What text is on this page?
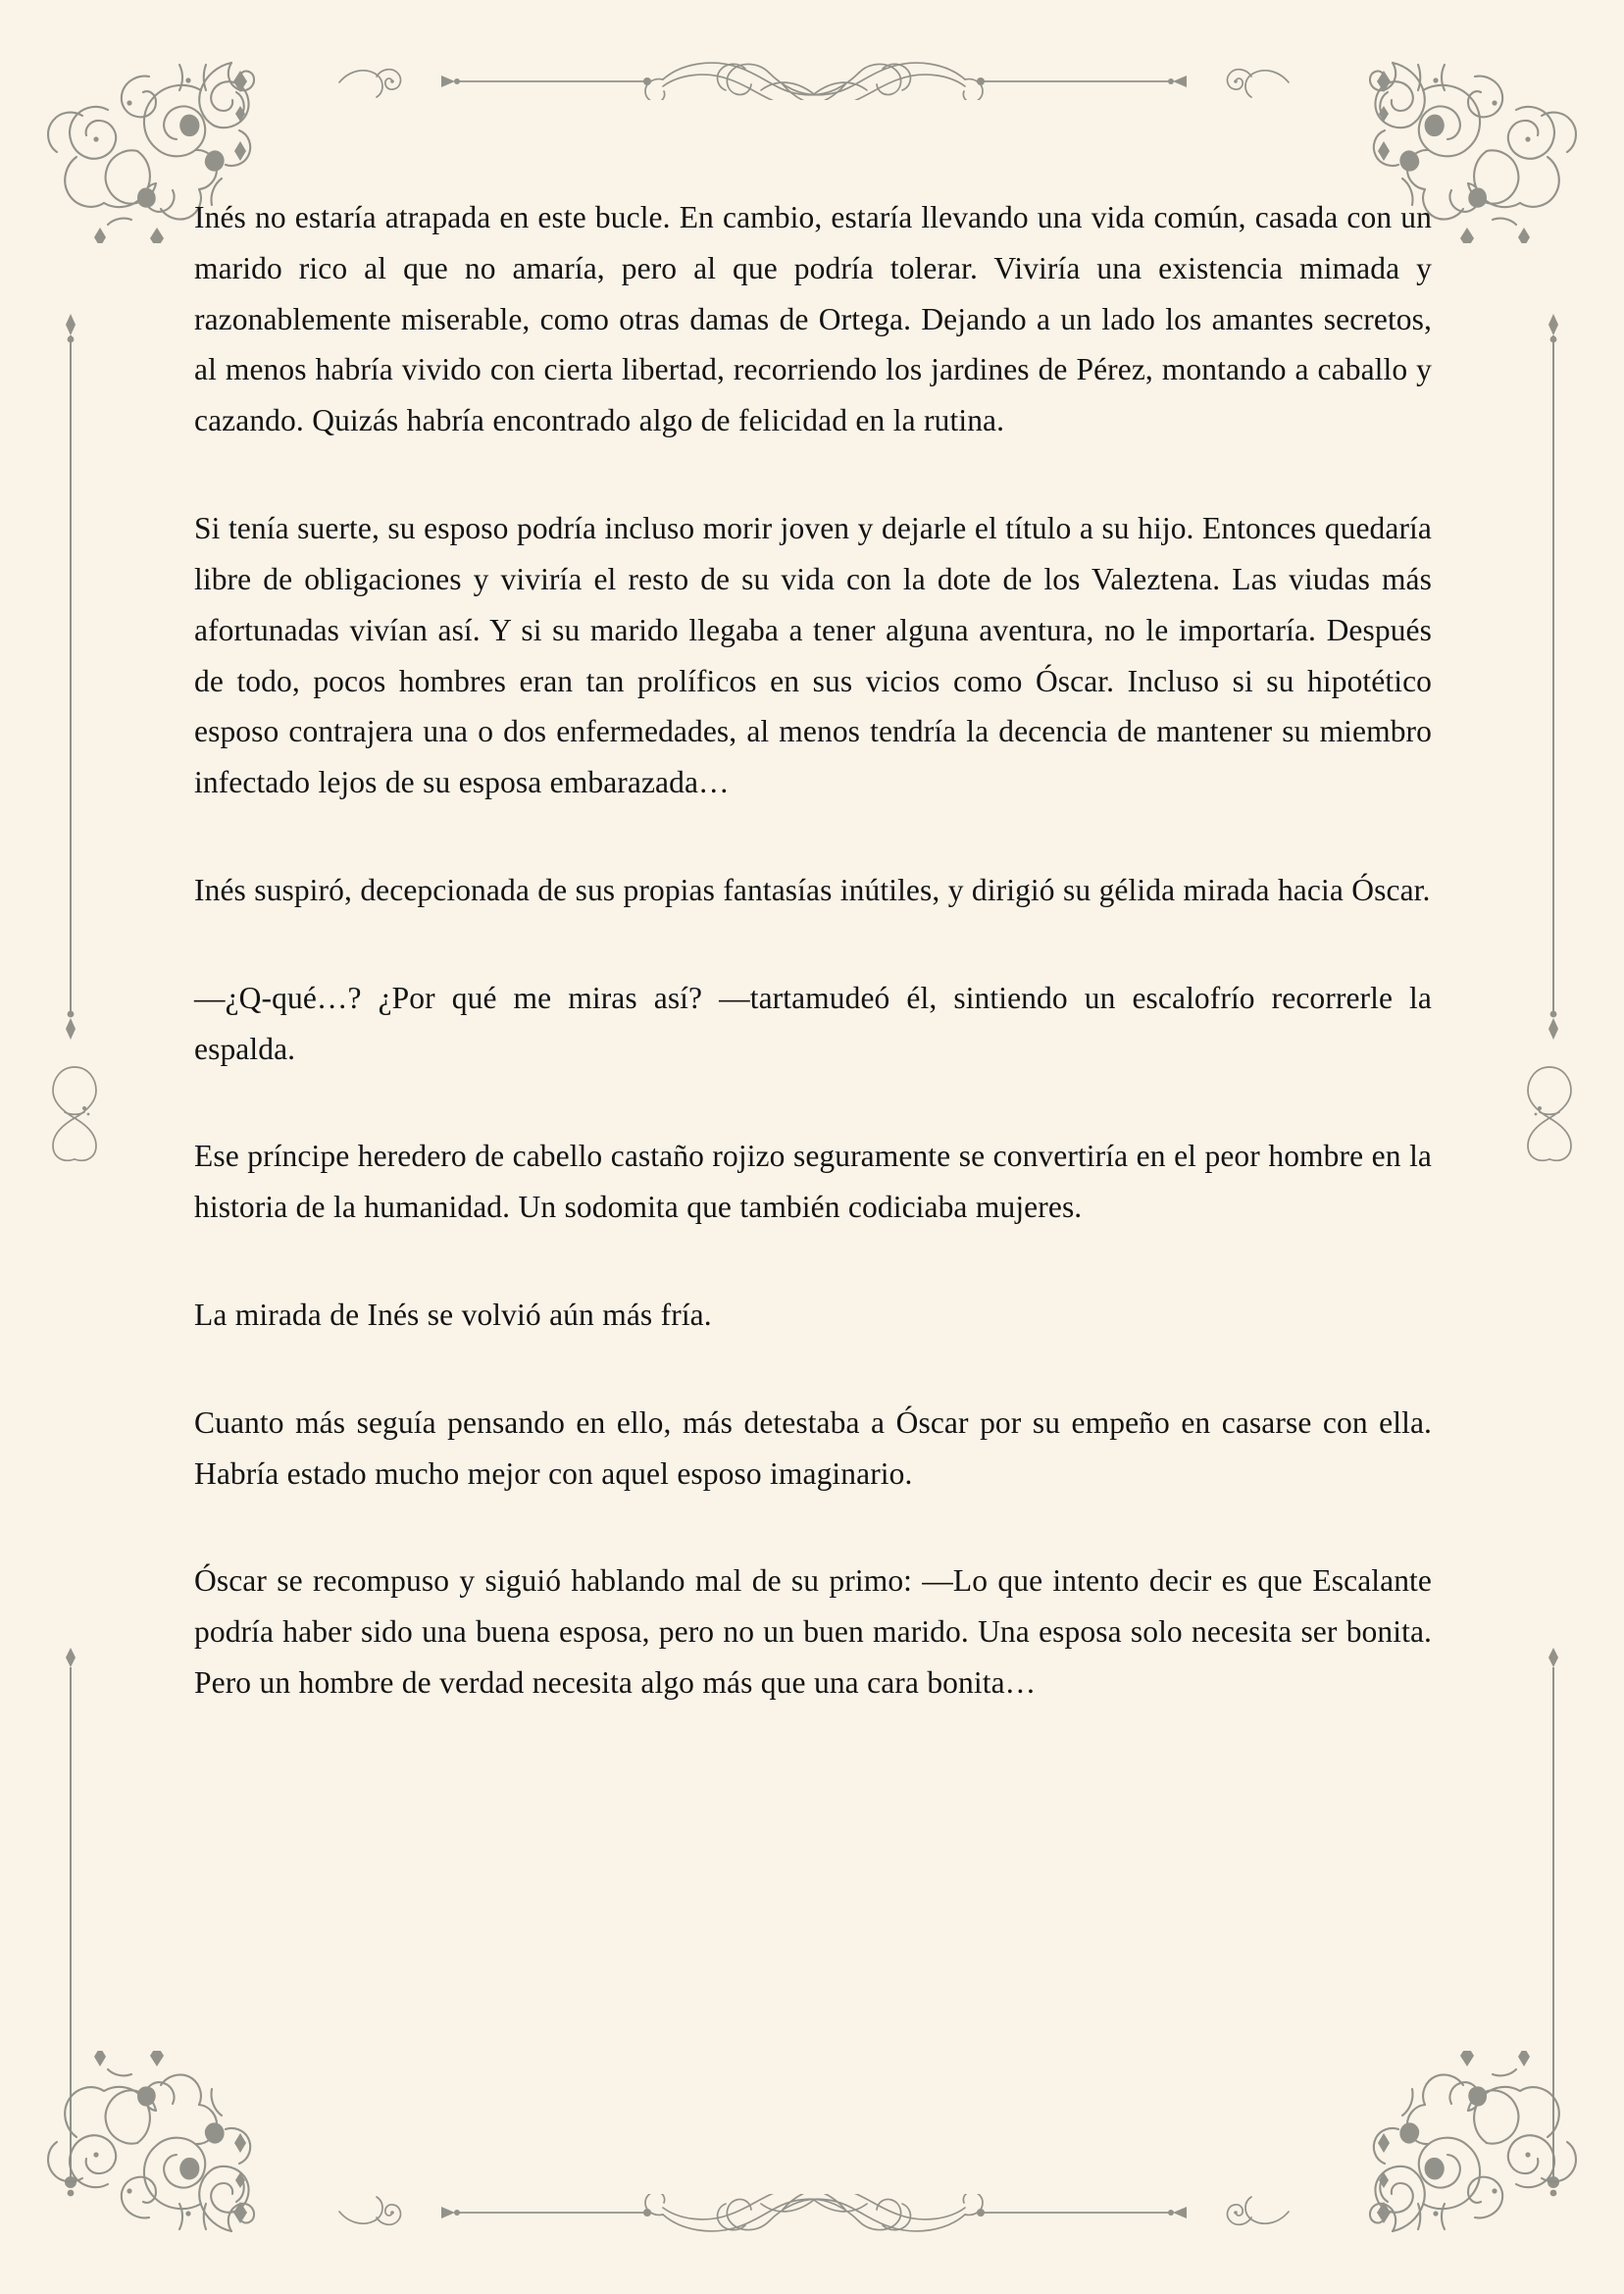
Inés no estaría atrapada en este bucle. En cambio, estaría llevando una vida común, casada con un marido rico al que no amaría, pero al que podría tolerar. Viviría una existencia mimada y razonablemente miserable, como otras damas de Ortega. Dejando a un lado los amantes secretos, al menos habría vivido con cierta libertad, recorriendo los jardines de Pérez, montando a caballo y cazando. Quizás habría encontrado algo de felicidad en la rutina.

Si tenía suerte, su esposo podría incluso morir joven y dejarle el título a su hijo. Entonces quedaría libre de obligaciones y viviría el resto de su vida con la dote de los Valeztena. Las viudas más afortunadas vivían así. Y si su marido llegaba a tener alguna aventura, no le importaría. Después de todo, pocos hombres eran tan prolíficos en sus vicios como Óscar. Incluso si su hipotético esposo contrajera una o dos enfermedades, al menos tendría la decencia de mantener su miembro infectado lejos de su esposa embarazada…

Inés suspiró, decepcionada de sus propias fantasías inútiles, y dirigió su gélida mirada hacia Óscar.

—¿Q-qué…? ¿Por qué me miras así? —tartamudeó él, sintiendo un escalofrío recorrerle la espalda.

Ese príncipe heredero de cabello castaño rojizo seguramente se convertiría en el peor hombre en la historia de la humanidad. Un sodomita que también codiciaba mujeres.

La mirada de Inés se volvió aún más fría.

Cuanto más seguía pensando en ello, más detestaba a Óscar por su empeño en casarse con ella. Habría estado mucho mejor con aquel esposo imaginario.

Óscar se recompuso y siguió hablando mal de su primo: —Lo que intento decir es que Escalante podría haber sido una buena esposa, pero no un buen marido. Una esposa solo necesita ser bonita. Pero un hombre de verdad necesita algo más que una cara bonita…
